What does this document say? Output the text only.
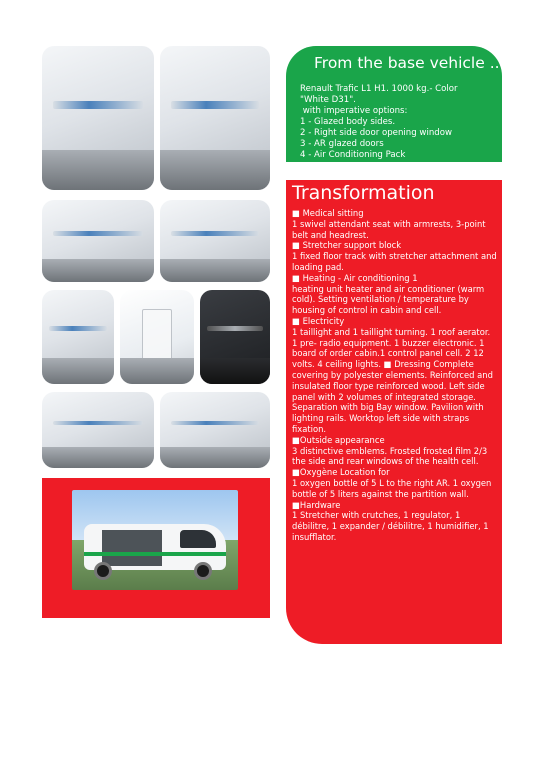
From the base vehicle ...
Renault Trafic L1 H1. 1000 kg.- Color
"White D31".
with imperative options:
1 - Glazed body sides.
2 - Right side door opening window
3 - AR glazed doors
4 - Air Conditioning Pack
Transformation

■ Medical sitting

1 swivel attendant seat with armrests, 3-point belt and headrest.

■ Stretcher support block

1 fixed floor track with stretcher attachment and loading pad.

■ Heating - Air conditioning 1

heating unit heater and air conditioner (warm cold). Setting ventilation / temperature by housing of control in cabin and cell.

■ Electricity

1 taillight and 1 taillight turning. 1 roof aerator. 1 pre- radio equipment. 1 buzzer electronic. 1 board of order cabin.1 control panel cell. 2 12 volts. 4 ceiling lights. ■ Dressing Complete covering by polyester elements. Reinforced and insulated floor type reinforced wood. Left side panel with 2 volumes of integrated storage. Separation with big Bay window. Pavilion with lighting rails. Worktop left side with straps fixation.

■Outside appearance

3 distinctive emblems. Frosted frosted film 2/3 the side and rear windows of the health cell.

■Oxygène Location for

1 oxygen bottle of 5 L to the right AR. 1 oxygen bottle of 5 liters against the partition wall.

■Hardware

1 Stretcher with crutches, 1 regulator, 1 débilitre, 1 expander / débilitre, 1 humidifier, 1 insufflator.
